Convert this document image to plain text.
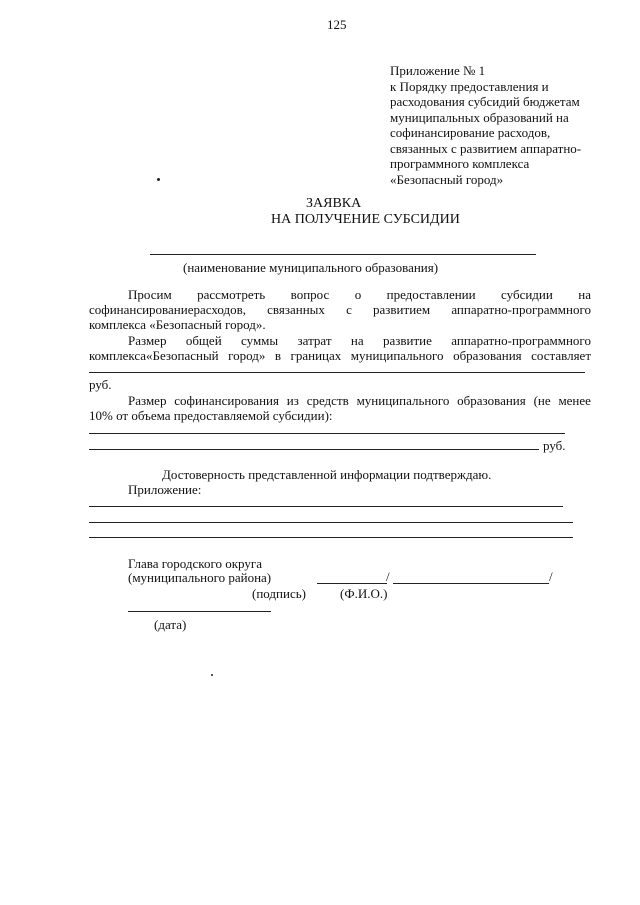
125
Приложение № 1
к Порядку предоставления и
расходования субсидий бюджетам
муниципальных образований на
софинансирование расходов,
связанных с развитием аппаратно-
программного комплекса
«Безопасный город»
ЗАЯВКА
НА ПОЛУЧЕНИЕ СУБСИДИИ
(наименование муниципального образования)
Просим рассмотреть вопрос о предоставлении субсидии на
софинансированиерасходов, связанных с развитием аппаратно-программного
комплекса «Безопасный город».
Размер общей суммы затрат на развитие аппаратно-программного
комплекса«Безопасный город» в границах муниципального образования составляет
руб.
Размер софинансирования из средств муниципального образования (не менее
10% от объема предоставляемой субсидии):
руб.
Достоверность представленной информации подтверждаю.
Приложение:
Глава городского округа
(муниципального района)	/	/
(подпись)	(Ф.И.О.)
(дата)
